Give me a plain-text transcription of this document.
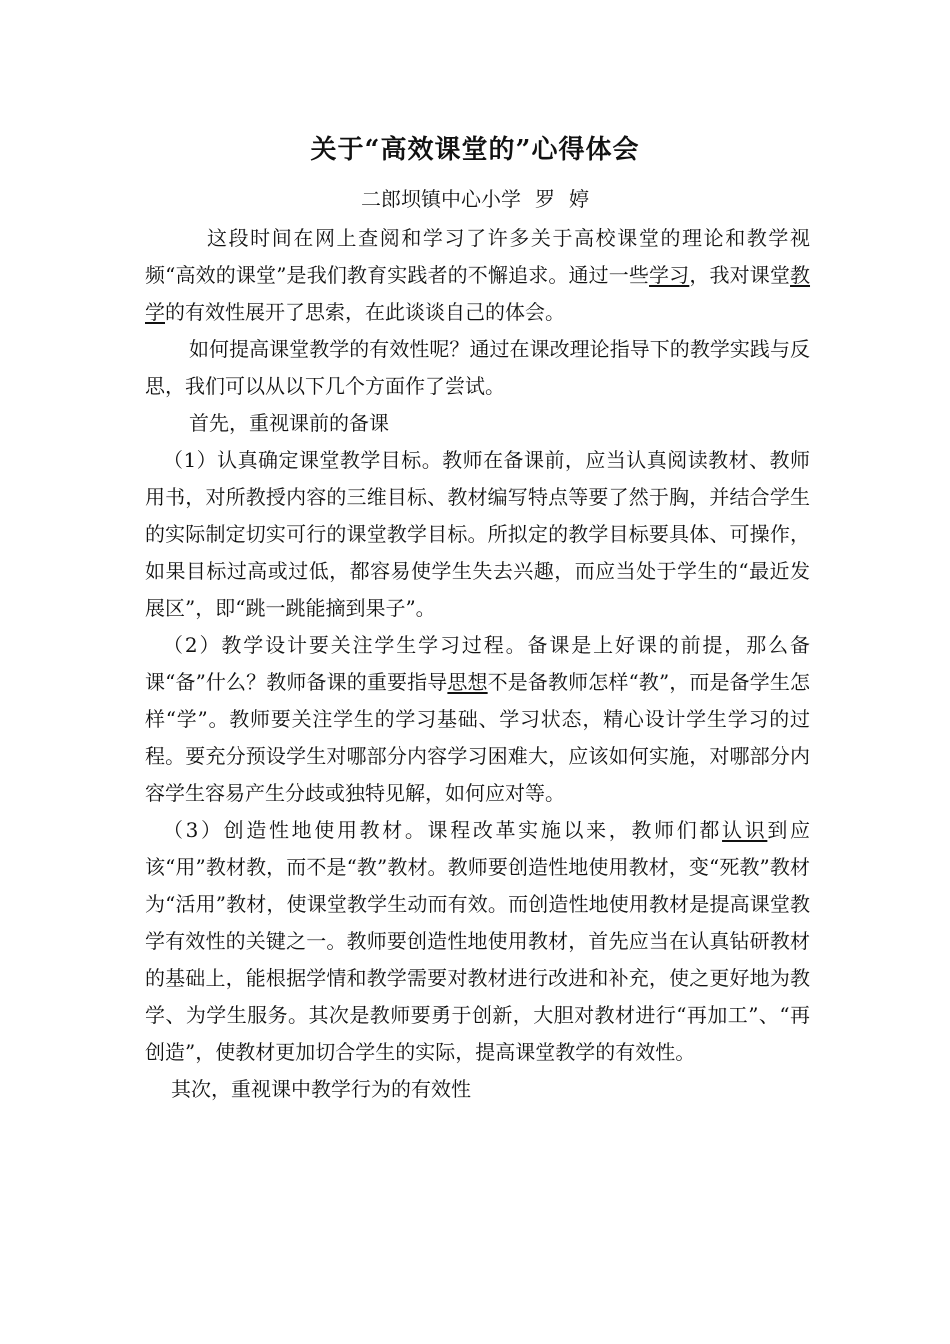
关于“高效课堂的”心得体会
二郎坝镇中心小学 罗 婷

这段时间在网上查阅和学习了许多关于高校课堂的理论和教学视频“高效的课堂”是我们教育实践者的不懈追求。通过一些学习，我对课堂教学的有效性展开了思索，在此谈谈自己的体会。

如何提高课堂教学的有效性呢？通过在课改理论指导下的教学实践与反思，我们可以从以下几个方面作了尝试。

首先，重视课前的备课

（1）认真确定课堂教学目标。教师在备课前，应当认真阅读教材、教师用书，对所教授内容的三维目标、教材编写特点等要了然于胸，并结合学生的实际制定切实可行的课堂教学目标。所拟定的教学目标要具体、可操作，如果目标过高或过低，都容易使学生失去兴趣，而应当处于学生的“最近发展区”，即“跳一跳能摘到果子”。

（2）教学设计要关注学生学习过程。备课是上好课的前提，那么备课“备”什么？教师备课的重要指导思想不是备教师怎样“教”，而是备学生怎样“学”。教师要关注学生的学习基础、学习状态，精心设计学生学习的过程。要充分预设学生对哪部分内容学习困难大，应该如何实施，对哪部分内容学生容易产生分歧或独特见解，如何应对等。

（3）创造性地使用教材。课程改革实施以来，教师们都认识到应该“用”教材教，而不是“教”教材。教师要创造性地使用教材，变“死教”教材为“活用”教材，使课堂教学生动而有效。而创造性地使用教材是提高课堂教学有效性的关键之一。教师要创造性地使用教材，首先应当在认真钻研教材的基础上，能根据学情和教学需要对教材进行改进和补充，使之更好地为教学、为学生服务。其次是教师要勇于创新，大胆对教材进行“再加工”、“再创造”，使教材更加切合学生的实际，提高课堂教学的有效性。

其次，重视课中教学行为的有效性
